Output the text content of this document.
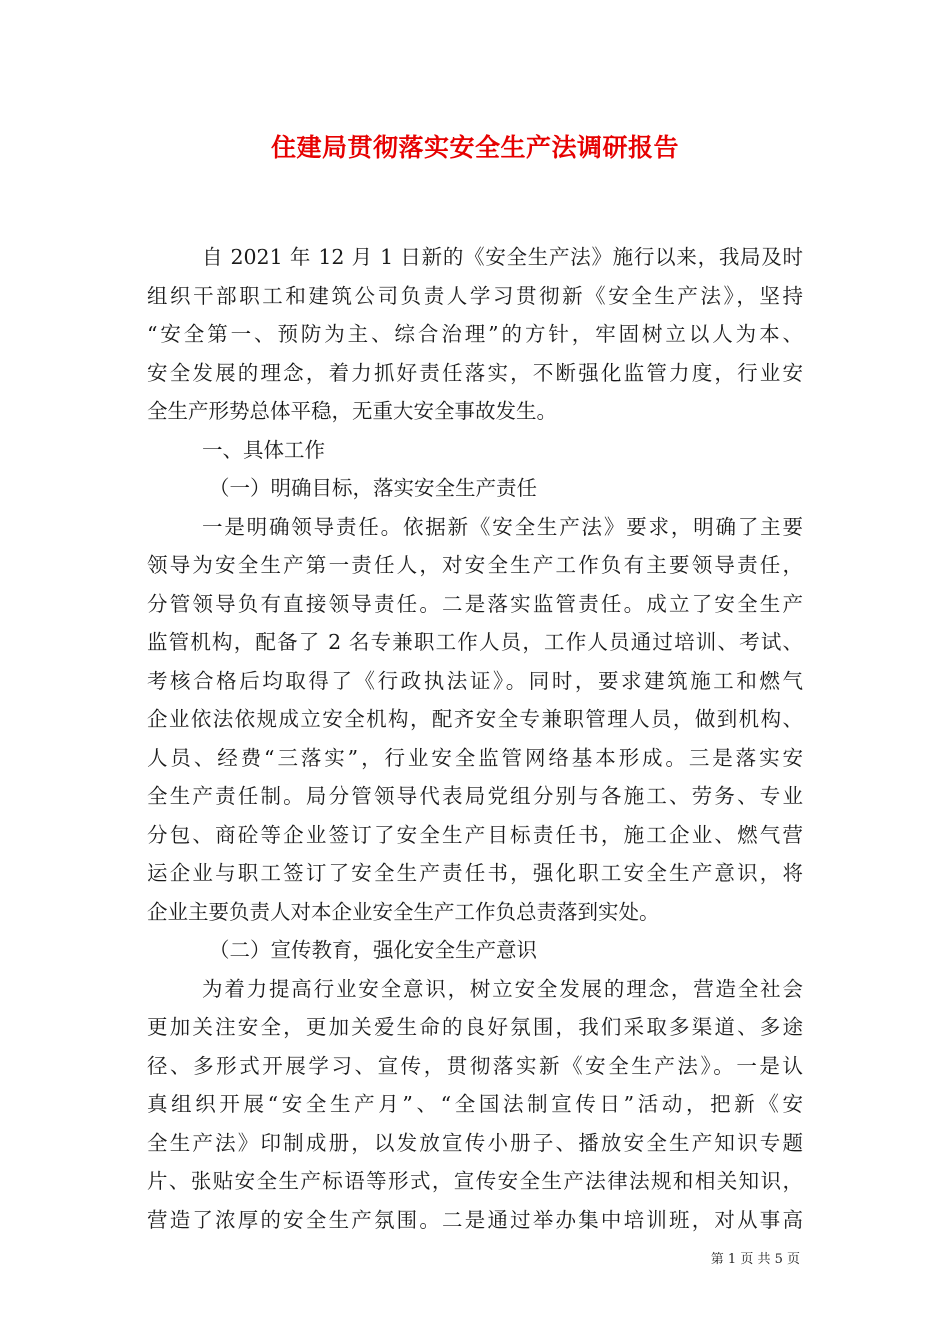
住建局贯彻落实安全生产法调研报告
自 2021 年 12 月 1 日新的《安全生产法》施行以来，我局及时
组织干部职工和建筑公司负责人学习贯彻新《安全生产法》，坚持
“安全第一、预防为主、综合治理”的方针，牢固树立以人为本、
安全发展的理念，着力抓好责任落实，不断强化监管力度，行业安
全生产形势总体平稳，无重大安全事故发生。
一、具体工作
（一）明确目标，落实安全生产责任
一是明确领导责任。依据新《安全生产法》要求，明确了主要
领导为安全生产第一责任人，对安全生产工作负有主要领导责任，
分管领导负有直接领导责任。二是落实监管责任。成立了安全生产
监管机构，配备了 2 名专兼职工作人员，工作人员通过培训、考试、
考核合格后均取得了《行政执法证》。同时，要求建筑施工和燃气
企业依法依规成立安全机构，配齐安全专兼职管理人员，做到机构、
人员、经费“三落实”，行业安全监管网络基本形成。三是落实安
全生产责任制。局分管领导代表局党组分别与各施工、劳务、专业
分包、商砼等企业签订了安全生产目标责任书，施工企业、燃气营
运企业与职工签订了安全生产责任书，强化职工安全生产意识，将
企业主要负责人对本企业安全生产工作负总责落到实处。
（二）宣传教育，强化安全生产意识
为着力提高行业安全意识，树立安全发展的理念，营造全社会
更加关注安全，更加关爱生命的良好氛围，我们采取多渠道、多途
径、多形式开展学习、宣传，贯彻落实新《安全生产法》。一是认
真组织开展“安全生产月”、“全国法制宣传日”活动，把新《安
全生产法》印制成册，以发放宣传小册子、播放安全生产知识专题
片、张贴安全生产标语等形式，宣传安全生产法律法规和相关知识，
营造了浓厚的安全生产氛围。二是通过举办集中培训班，对从事高
第 1 页 共 5 页
